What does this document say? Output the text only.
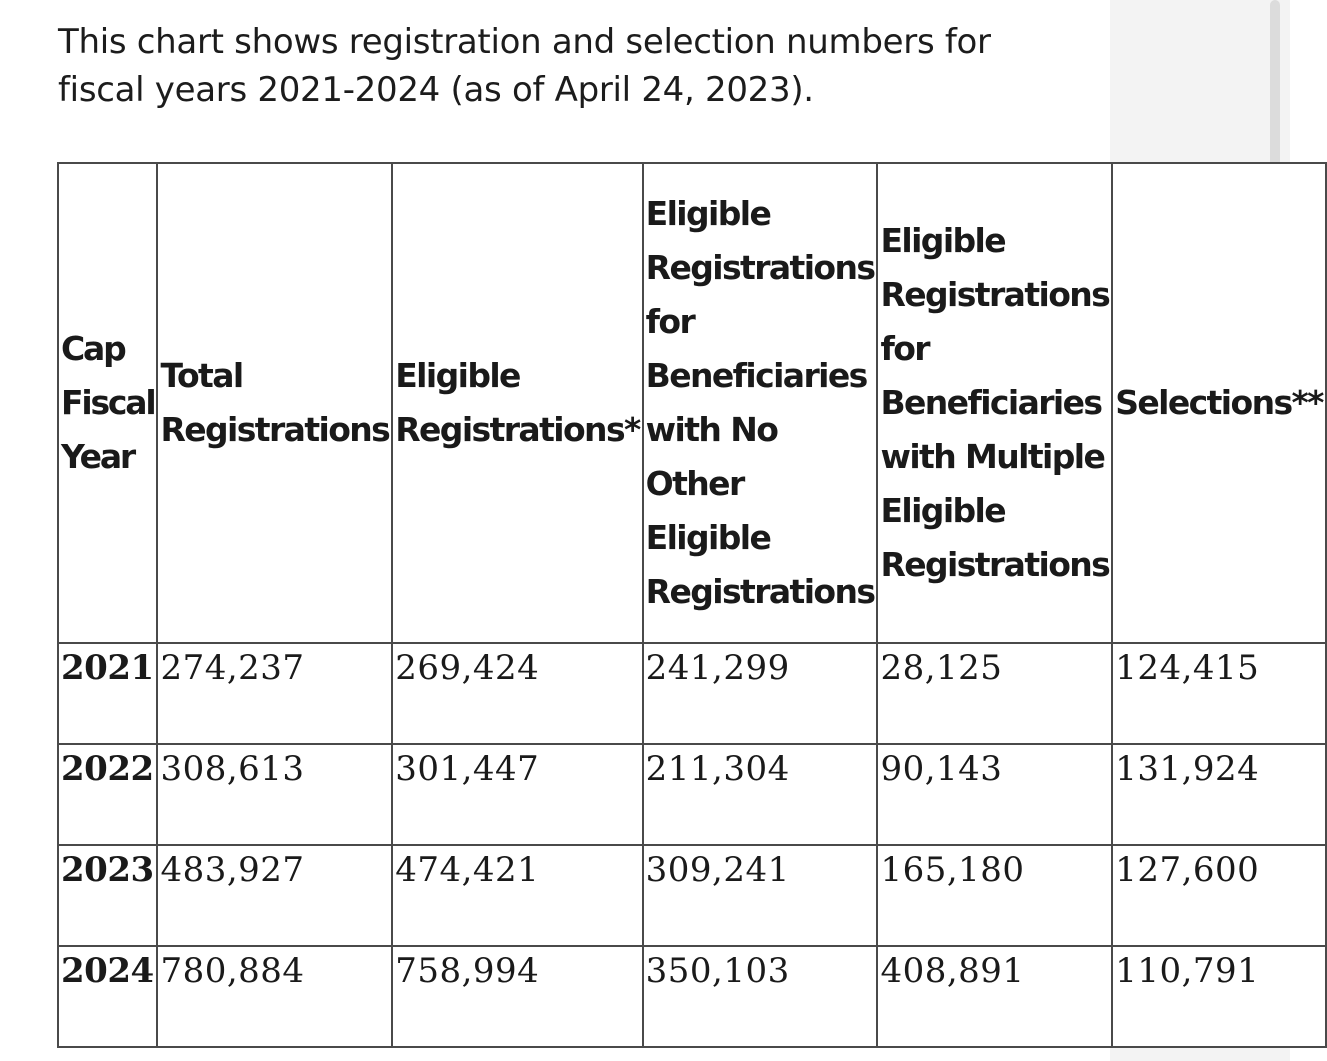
This chart shows registration and selection numbers for fiscal years 2021-2024 (as of April 24, 2023).
Cap Fiscal Year	Total Registrations	Eligible Registrations*	Eligible Registrations for Beneficiaries with No Other Eligible Registrations	Eligible Registrations for Beneficiaries with Multiple Eligible Registrations	Selections**
2021	274,237	269,424	241,299	28,125	124,415
2022	308,613	301,447	211,304	90,143	131,924
2023	483,927	474,421	309,241	165,180	127,600
2024	780,884	758,994	350,103	408,891	110,791
